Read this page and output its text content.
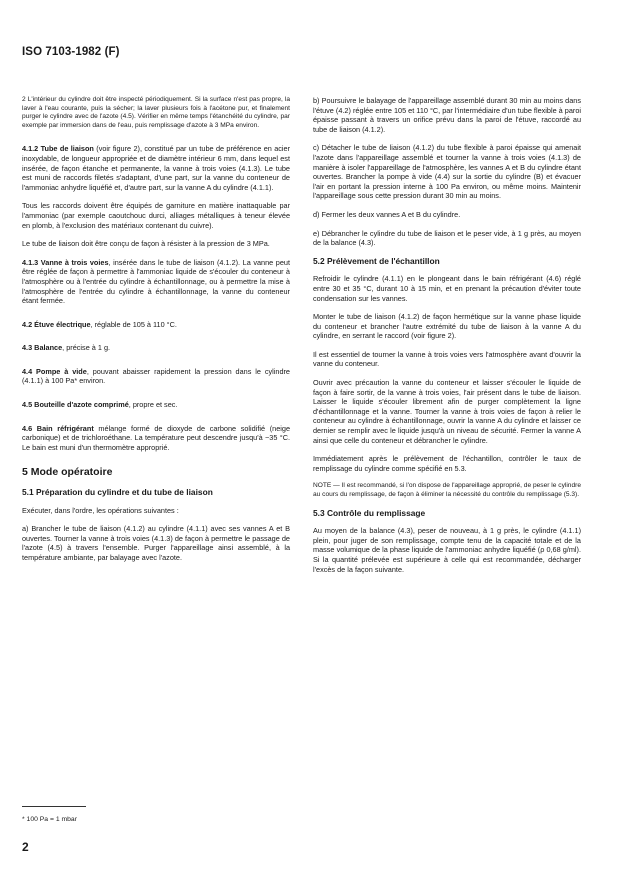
ISO 7103-1982 (F)

2 L'intérieur du cylindre doit être inspecté périodiquement. Si la surface n'est pas propre, la laver à l'eau courante, puis la sécher; la laver plusieurs fois à l'acétone pur, et finalement purger le cylindre avec de l'azote (4.5). Vérifier en même temps l'étanchéité du cylindre, par exemple par immersion dans de l'eau, puis remplissage d'azote à 3 MPa environ.

4.1.2 Tube de liaison (voir figure 2), constitué par un tube de préférence en acier inoxydable, de longueur appropriée et de diamètre intérieur 6 mm, dans lequel est insérée, de façon étanche et permanente, la vanne à trois voies (4.1.3). Le tube est muni de raccords filetés s'adaptant, d'une part, sur la vanne du conteneur de l'ammoniac anhydre liquéfié et, d'autre part, sur la vanne A du cylindre (4.1.1).

Tous les raccords doivent être équipés de garniture en matière inattaquable par l'ammoniac (par exemple caoutchouc durci, alliages métalliques à teneur élevée en plomb, à l'exclusion des matériaux contenant du cuivre).

Le tube de liaison doit être conçu de façon à résister à la pression de 3 MPa.

4.1.3 Vanne à trois voies, insérée dans le tube de liaison (4.1.2). La vanne peut être réglée de façon à permettre à l'ammoniac liquide de s'écouler du conteneur à l'atmosphère ou à l'entrée du cylindre à échantillonnage, ou à permettre la mise à l'atmosphère de l'entrée du cylindre à échantillonnage, la vanne du conteneur étant fermée.

4.2 Étuve électrique, réglable de 105 à 110 °C.

4.3 Balance, précise à 1 g.

4.4 Pompe à vide, pouvant abaisser rapidement la pression dans le cylindre (4.1.1) à 100 Pa* environ.

4.5 Bouteille d'azote comprimé, propre et sec.

4.6 Bain réfrigérant mélange formé de dioxyde de carbone solidifié (neige carbonique) et de trichloroéthane. La température peut descendre jusqu'à −35 °C. Le bain est muni d'un thermomètre approprié.

5 Mode opératoire
5.1 Préparation du cylindre et du tube de liaison

Exécuter, dans l'ordre, les opérations suivantes :

a) Brancher le tube de liaison (4.1.2) au cylindre (4.1.1) avec ses vannes A et B ouvertes. Tourner la vanne à trois voies (4.1.3) de façon à permettre le passage de l'azote (4.5) à travers l'ensemble. Purger l'appareillage ainsi assemblé, à la température ambiante, par balayage avec l'azote.

b) Poursuivre le balayage de l'appareillage assemblé durant 30 min au moins dans l'étuve (4.2) réglée entre 105 et 110 °C, par l'intermédiaire d'un tube flexible à paroi épaisse passant à travers un orifice prévu dans la paroi de l'étuve, raccordé au tube de liaison (4.1.2).

c) Détacher le tube de liaison (4.1.2) du tube flexible à paroi épaisse qui amenait l'azote dans l'appareillage assemblé et tourner la vanne à trois voies (4.1.3) de manière à isoler l'appareillage de l'atmosphère, les vannes A et B du cylindre étant ouvertes. Brancher la pompe à vide (4.4) sur la sortie du cylindre (B) et évacuer l'air en portant la pression interne à 100 Pa environ, ou même moins. Maintenir l'appareillage sous cette pression durant 30 min au moins.

d) Fermer les deux vannes A et B du cylindre.

e) Débrancher le cylindre du tube de liaison et le peser vide, à 1 g près, au moyen de la balance (4.3).

5.2 Prélèvement de l'échantillon

Refroidir le cylindre (4.1.1) en le plongeant dans le bain réfrigérant (4.6) réglé entre 30 et 35 °C, durant 10 à 15 min, et en prenant la précaution d'éviter toute condensation sur les vannes.

Monter le tube de liaison (4.1.2) de façon hermétique sur la vanne phase liquide du conteneur et brancher l'autre extrémité du tube de liaison à la vanne A du cylindre, en serrant le raccord (voir figure 2).

Il est essentiel de tourner la vanne à trois voies vers l'atmosphère avant d'ouvrir la vanne du conteneur.

Ouvrir avec précaution la vanne du conteneur et laisser s'écouler le liquide de façon à faire sortir, de la vanne à trois voies, l'air présent dans le tube de liaison. Laisser le liquide s'écouler librement afin de purger complètement la ligne d'échantillonnage et la vanne. Tourner la vanne à trois voies de façon à relier le conteneur au cylindre à échantillonnage, ouvrir la vanne A du cylindre et laisser ce dernier se remplir avec le liquide jusqu'à un niveau de sécurité. Fermer la vanne A ainsi que celle du conteneur et débrancher le cylindre.

Immédiatement après le prélèvement de l'échantillon, contrôler le taux de remplissage du cylindre comme spécifié en 5.3.

NOTE — Il est recommandé, si l'on dispose de l'appareillage approprié, de peser le cylindre au cours du remplissage, de façon à éliminer la nécessité du contrôle du remplissage (5.3).

5.3 Contrôle du remplissage

Au moyen de la balance (4.3), peser de nouveau, à 1 g près, le cylindre (4.1.1) plein, pour juger de son remplissage, compte tenu de la capacité totale et de la masse volumique de la phase liquide de l'ammoniac anhydre liquéfié (ρ 0,68 g/ml). Si la quantité prélevée est supérieure à celle qui est recommandée, décharger l'excès de la façon suivante.

* 100 Pa = 1 mbar
2
